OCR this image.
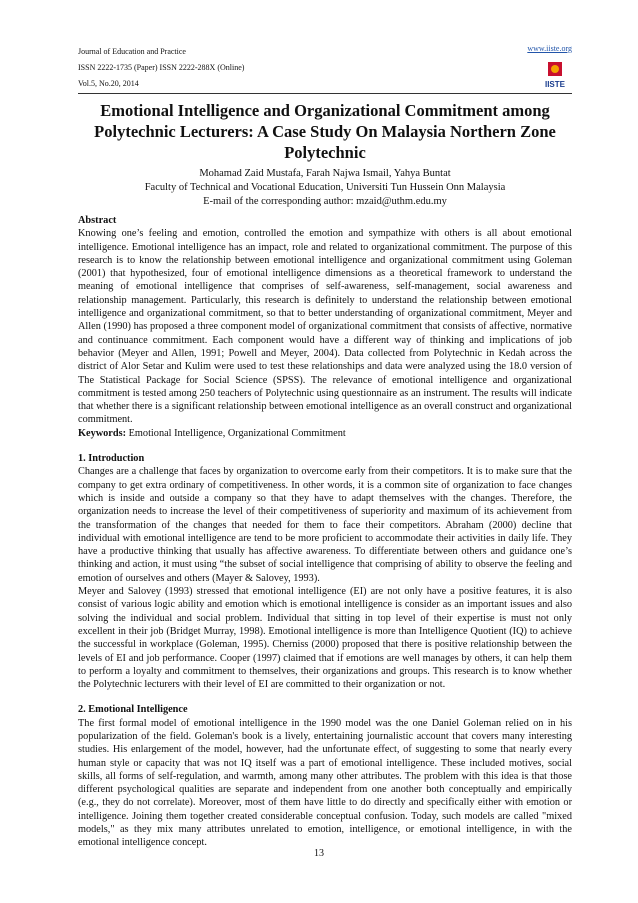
Journal of Education and Practice
ISSN 2222-1735 (Paper) ISSN 2222-288X (Online)
Vol.5, No.20, 2014
www.iiste.org
IISTE
Emotional Intelligence and Organizational Commitment among Polytechnic Lecturers: A Case Study On Malaysia Northern Zone Polytechnic
Mohamad Zaid Mustafa, Farah Najwa Ismail, Yahya Buntat
Faculty of Technical and Vocational Education, Universiti Tun Hussein Onn Malaysia
E-mail of the corresponding author: mzaid@uthm.edu.my

Abstract

Knowing one’s feeling and emotion, controlled the emotion and sympathize with others is all about emotional intelligence. Emotional intelligence has an impact, role and related to organizational commitment. The purpose of this research is to know the relationship between emotional intelligence and organizational commitment using Goleman (2001) that hypothesized, four of emotional intelligence dimensions as a theoretical framework to understand the meaning of emotional intelligence that comprises of self-awareness, self-management, social awareness and relationship management. Particularly, this research is definitely to understand the relationship between emotional intelligence and organizational commitment, so that to better understanding of organizational commitment, Meyer and Allen (1990) has proposed a three component model of organizational commitment that consists of affective, normative and continuance commitment. Each component would have a different way of thinking and implications of job behavior (Meyer and Allen, 1991; Powell and Meyer, 2004). Data collected from Polytechnic in Kedah across the district of Alor Setar and Kulim were used to test these relationships and data were analyzed using the 18.0 version of The Statistical Package for Social Science (SPSS). The relevance of emotional intelligence and organizational commitment is tested among 250 teachers of Polytechnic using questionnaire as an instrument. The results will indicate that whether there is a significant relationship between emotional intelligence as an overall construct and organizational commitment.

Keywords: Emotional Intelligence, Organizational Commitment

1. Introduction

Changes are a challenge that faces by organization to overcome early from their competitors. It is to make sure that the company to get extra ordinary of competitiveness. In other words, it is a common site of organization to face changes which is inside and outside a company so that they have to adapt themselves with the changes. Therefore, the organization needs to increase the level of their competitiveness of superiority and maximum of its achievement from the transformation of the changes that needed for them to face their competitors. Abraham (2000) decline that individual with emotional intelligence are tend to be more proficient to accommodate their activities in daily life. They have a productive thinking that usually has affective awareness. To differentiate between others and guidance one’s thinking and action, it must using “the subset of social intelligence that comprising of ability to observe the feeling and emotion of ourselves and others (Mayer & Salovey, 1993).

Meyer and Salovey (1993) stressed that emotional intelligence (EI) are not only have a positive features, it is also consist of various logic ability and emotion which is emotional intelligence is consider as an important issues and also solving the individual and social problem. Individual that sitting in top level of their expertise is must not only excellent in their job (Bridget Murray, 1998). Emotional intelligence is more than Intelligence Quotient (IQ) to achieve the successful in workplace (Goleman, 1995). Cherniss (2000) proposed that there is positive relationship between the levels of EI and job performance. Cooper (1997) claimed that if emotions are well manages by others, it can help them to perform a loyalty and commitment to themselves, their organizations and groups. This research is to know whether the Polytechnic lecturers with their level of EI are committed to their organization or not.

2. Emotional Intelligence

The first formal model of emotional intelligence in the 1990 model was the one Daniel Goleman relied on in his popularization of the field. Goleman's book is a lively, entertaining journalistic account that covers many interesting studies. His enlargement of the model, however, had the unfortunate effect, of suggesting to some that nearly every human style or capacity that was not IQ itself was a part of emotional intelligence. These included motives, social skills, all forms of self-regulation, and warmth, among many other attributes. The problem with this idea is that those different psychological qualities are separate and independent from one another both conceptually and empirically (e.g., they do not correlate). Moreover, most of them have little to do directly and specifically either with emotion or intelligence. Joining them together created considerable conceptual confusion. Today, such models are called "mixed models," as they mix many attributes unrelated to emotion, intelligence, or emotional intelligence, in with the emotional intelligence concept.

13
